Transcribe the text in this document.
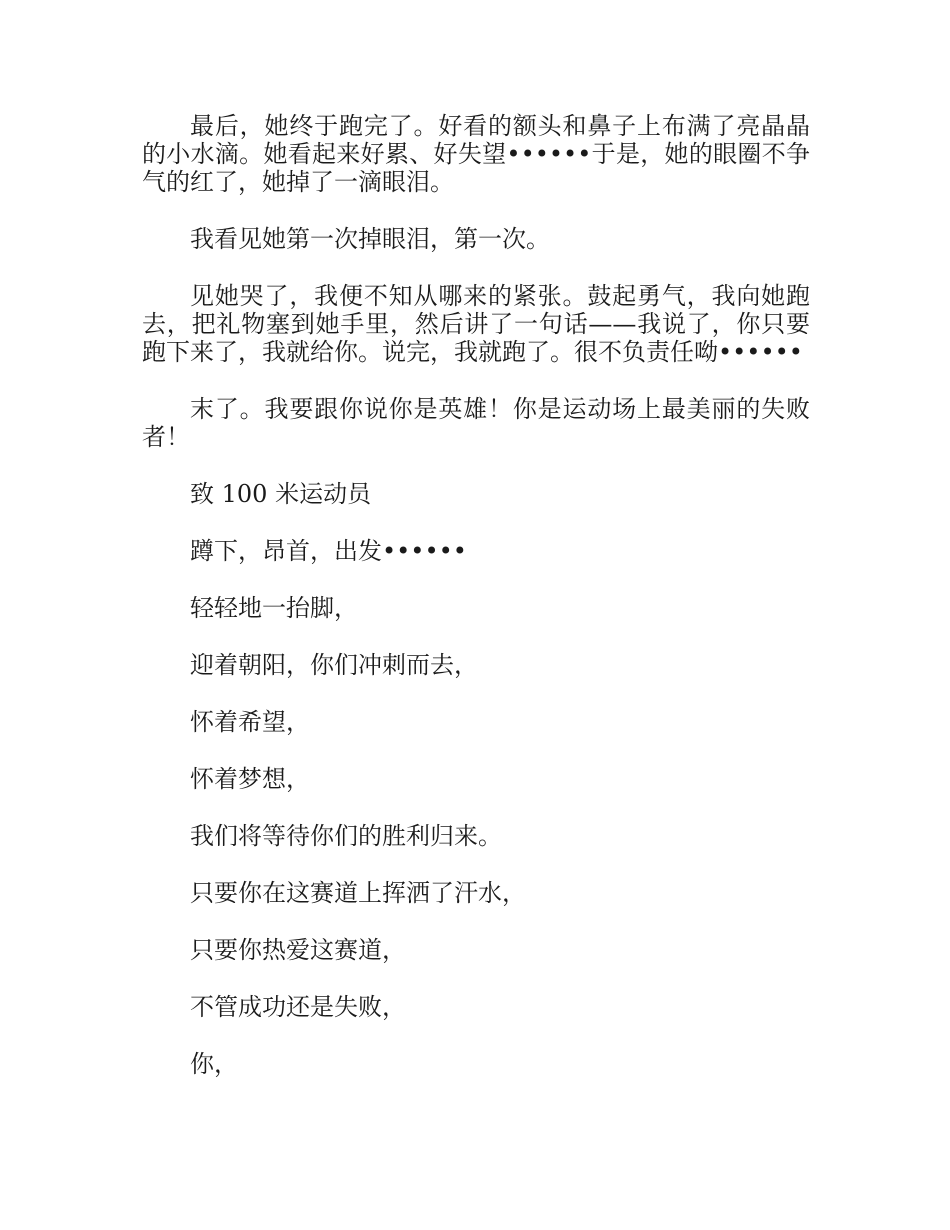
最后，她终于跑完了。好看的额头和鼻子上布满了亮晶晶的小水滴。她看起来好累、好失望••••••于是，她的眼圈不争气的红了，她掉了一滴眼泪。

我看见她第一次掉眼泪，第一次。

见她哭了，我便不知从哪来的紧张。鼓起勇气，我向她跑去，把礼物塞到她手里，然后讲了一句话——我说了，你只要跑下来了，我就给你。说完，我就跑了。很不负责任呦••••••

末了。我要跟你说你是英雄！你是运动场上最美丽的失败者！

致 100 米运动员

蹲下，昂首，出发••••••

轻轻地一抬脚，

迎着朝阳，你们冲刺而去，

怀着希望，

怀着梦想，

我们将等待你们的胜利归来。

只要你在这赛道上挥洒了汗水，

只要你热爱这赛道，

不管成功还是失败，

你，
